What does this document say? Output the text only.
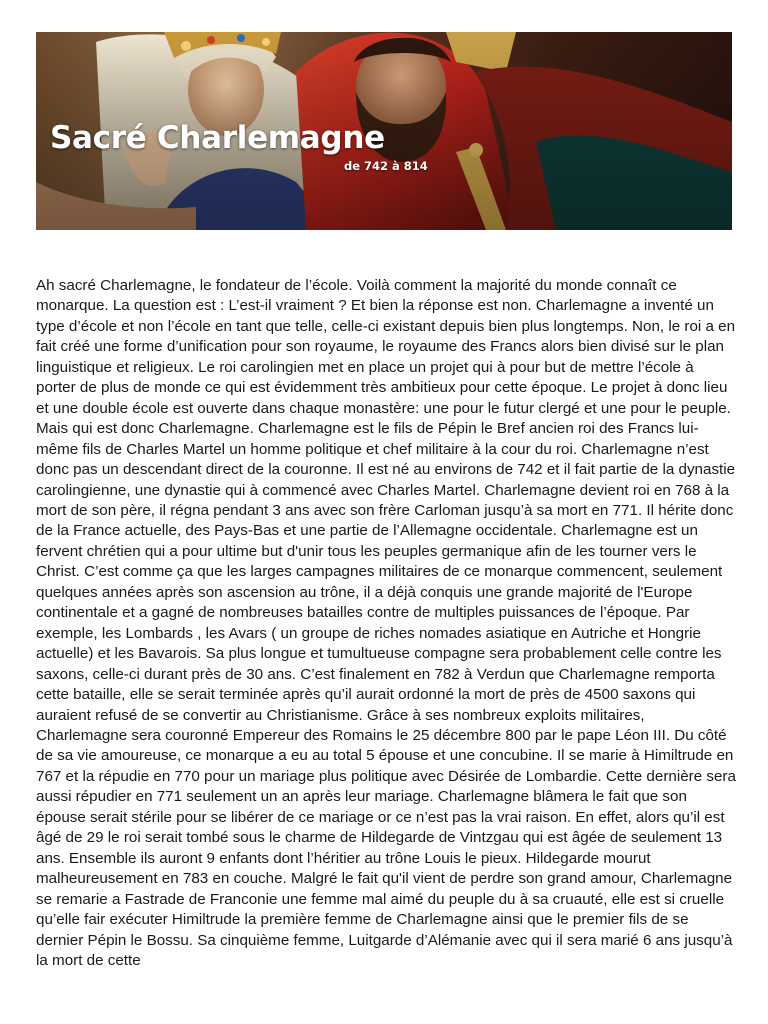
Sacré Charlemagne
de 742 à 814

Ah sacré Charlemagne, le fondateur de l’école. Voilà comment la majorité du monde connaît ce monarque. La question est : L’est-il vraiment ? Et bien la réponse est non. Charlemagne a inventé un type d’école et non l’école en tant que telle, celle-ci existant depuis bien plus longtemps. Non, le roi a en fait créé une forme d’unification pour son royaume, le royaume des Francs alors bien divisé sur le plan linguistique et religieux. Le roi carolingien met en place un projet qui à pour but de mettre l’école à porter de plus de monde ce qui est évidemment très ambitieux pour cette époque. Le projet à donc lieu et une double école est ouverte dans chaque monastère: une pour le futur clergé et une pour le peuple. Mais qui est donc Charlemagne. Charlemagne est le fils de Pépin le Bref ancien roi des Francs lui-même fils de Charles Martel un homme politique et chef militaire à la cour du roi. Charlemagne n’est donc pas un descendant direct de la couronne. Il est né au environs de 742 et il fait partie de la dynastie carolingienne, une dynastie qui à commencé avec Charles Martel. Charlemagne devient roi en 768 à la mort de son père, il régna pendant 3 ans avec son frère Carloman jusqu’à sa mort en 771. Il hérite donc de la France actuelle, des Pays-Bas et une partie de l’Allemagne occidentale. Charlemagne est un fervent chrétien qui a pour ultime but d'unir tous les peuples germanique afin de les tourner vers le Christ. C’est comme ça que les larges campagnes militaires de ce monarque commencent, seulement quelques années après son ascension au trône, il a déjà conquis une grande majorité de l'Europe continentale et a gagné de nombreuses batailles contre de multiples puissances de l’époque. Par exemple, les Lombards , les Avars ( un groupe de riches nomades asiatique en Autriche et Hongrie actuelle) et les Bavarois. Sa plus longue et tumultueuse compagne sera probablement celle contre les saxons, celle-ci durant près de 30 ans. C’est finalement en 782 à Verdun que Charlemagne remporta cette bataille, elle se serait terminée après qu’il aurait ordonné la mort de près de 4500 saxons qui auraient refusé de se convertir au Christianisme. Grâce à ses nombreux exploits militaires, Charlemagne sera couronné Empereur des Romains le 25 décembre 800 par le pape Léon III. Du côté de sa vie amoureuse, ce monarque a eu au total 5 épouse et une concubine. Il se marie à Himiltrude en 767 et la répudie en 770 pour un mariage plus politique avec Désirée de Lombardie. Cette dernière sera aussi répudier en 771 seulement un an après leur mariage. Charlemagne blâmera le fait que son épouse serait stérile pour se libérer de ce mariage or ce n’est pas la vrai raison. En effet, alors qu’il est âgé de 29 le roi serait tombé sous le charme de Hildegarde de Vintzgau qui est âgée de seulement 13 ans. Ensemble ils auront 9 enfants dont l’héritier au trône Louis le pieux. Hildegarde mourut malheureusement en 783 en couche. Malgré le fait qu'il vient de perdre son grand amour, Charlemagne se remarie a Fastrade de Franconie une femme mal aimé du peuple du à sa cruauté, elle est si cruelle qu’elle fair exécuter Himiltrude la première femme de Charlemagne ainsi que le premier fils de se dernier Pépin le Bossu. Sa cinquième femme, Luitgarde d’Alémanie avec qui il sera marié 6 ans jusqu’à la mort de cette
